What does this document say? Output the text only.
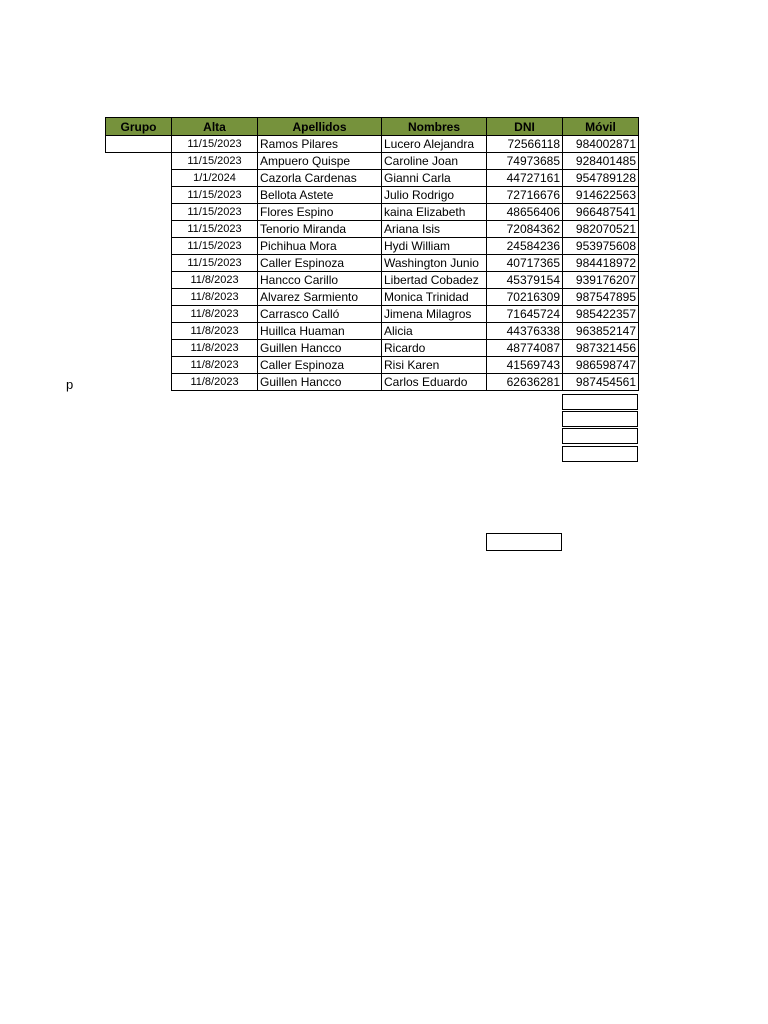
Grupo	Alta	Apellidos	Nombres	DNI	Móvil
	11/15/2023	Ramos Pilares	Lucero Alejandra	72566118	984002871
	11/15/2023	Ampuero Quispe	Caroline Joan	74973685	928401485
	1/1/2024	Cazorla Cardenas	Gianni Carla	44727161	954789128
	11/15/2023	Bellota Astete	Julio Rodrigo	72716676	914622563
	11/15/2023	Flores Espino	kaina Elizabeth	48656406	966487541
	11/15/2023	Tenorio Miranda	Ariana Isis	72084362	982070521
	11/15/2023	Pichihua Mora	Hydi William	24584236	953975608
	11/15/2023	Caller Espinoza	Washington Junio	40717365	984418972
	11/8/2023	Hancco Carillo	Libertad Cobadez	45379154	939176207
	11/8/2023	Alvarez Sarmiento	Monica Trinidad	70216309	987547895
	11/8/2023	Carrasco Calló	Jimena Milagros	71645724	985422357
	11/8/2023	Huillca Huaman	Alicia	44376338	963852147
	11/8/2023	Guillen Hancco	Ricardo	48774087	987321456
	11/8/2023	Caller Espinoza	Risi Karen	41569743	986598747
	11/8/2023	Guillen Hancco	Carlos Eduardo	62636281	987454561
p
